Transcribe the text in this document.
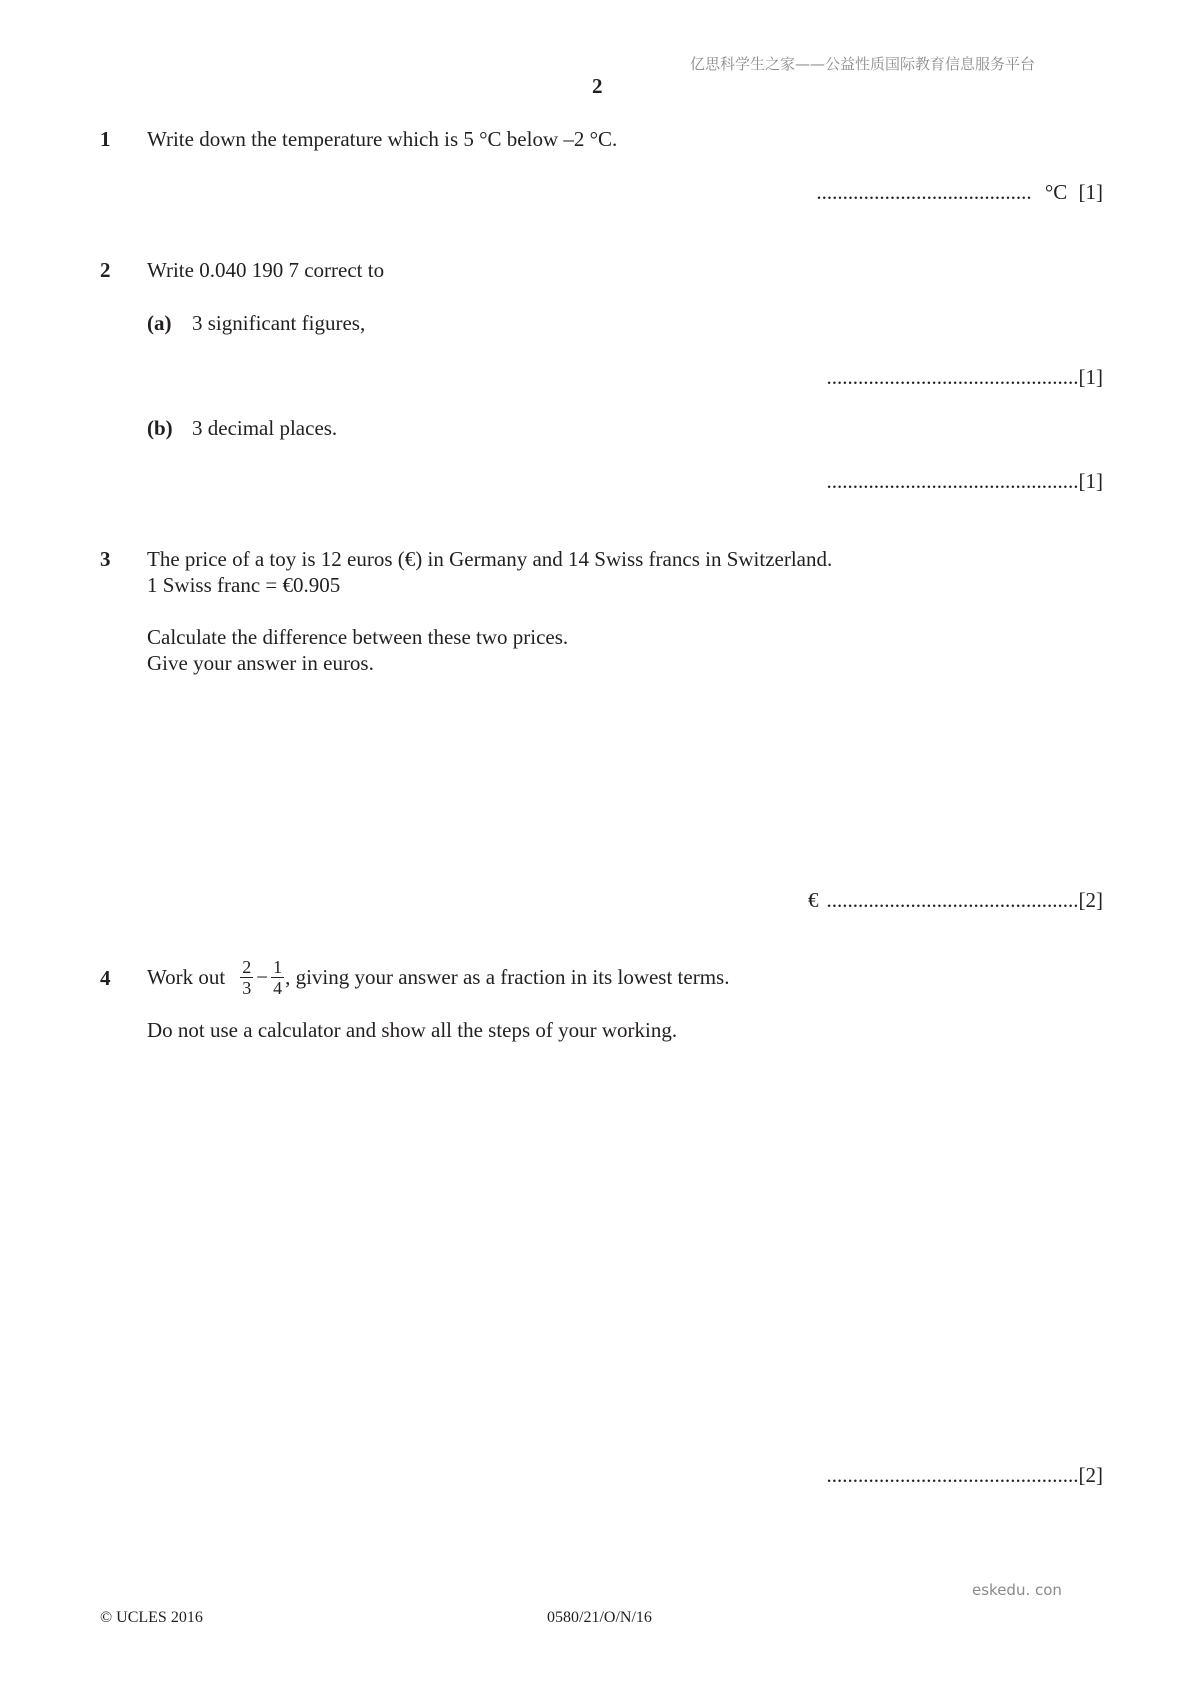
亿思科学生之家——公益性质国际教育信息服务平台
2
1 Write down the temperature which is 5 °C below –2 °C.
......................................... °C [1]
2 Write 0.040 190 7 correct to
(a) 3 significant figures,
................................................[1]
(b) 3 decimal places.
................................................[1]
3 The price of a toy is 12 euros (€) in Germany and 14 Swiss francs in Switzerland.
1 Swiss franc = €0.905
Calculate the difference between these two prices.
Give your answer in euros.
€ ................................................[2]
4 Work out $\frac{2}{3} - \frac{1}{4}$ , giving your answer as a fraction in its lowest terms.
Do not use a calculator and show all the steps of your working.
................................................[2]
eskedu. con
© UCLES 2016	0580/21/O/N/16
